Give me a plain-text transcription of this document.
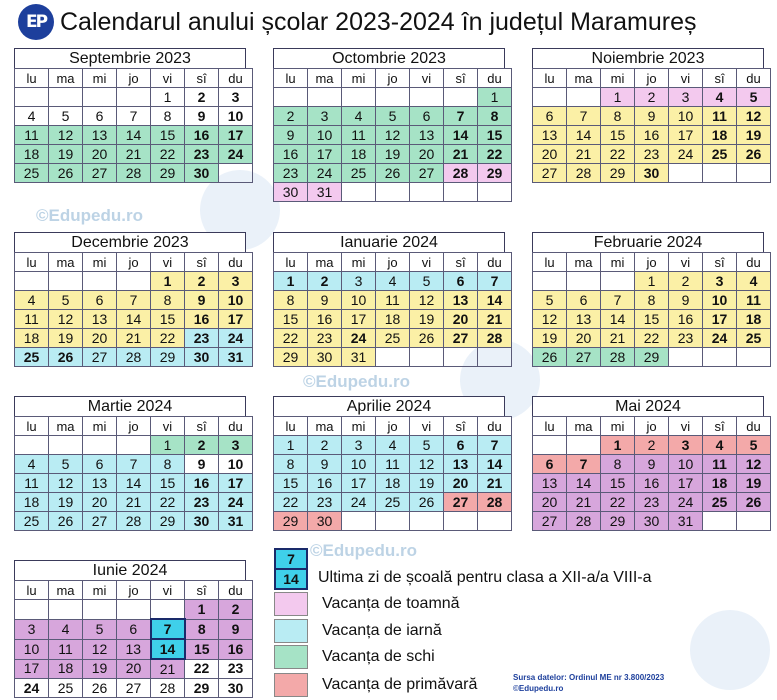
EP Calendarul anului școlar 2023-2024 în județul Maramureș
Septembrie 2023
lu	ma	mi	jo	vi	sî	du
				1	2	3
4	5	6	7	8	9	10
11	12	13	14	15	16	17
18	19	20	21	22	23	24
25	26	27	28	29	30	
Octombrie 2023
lu	ma	mi	jo	vi	sî	du
						1
2	3	4	5	6	7	8
9	10	11	12	13	14	15
16	17	18	19	20	21	22
23	24	25	26	27	28	29
30	31					
Noiembrie 2023
lu	ma	mi	jo	vi	sî	du
		1	2	3	4	5
6	7	8	9	10	11	12
13	14	15	16	17	18	19
20	21	22	23	24	25	26
27	28	29	30			
Decembrie 2023
lu	ma	mi	jo	vi	sî	du
				1	2	3
4	5	6	7	8	9	10
11	12	13	14	15	16	17
18	19	20	21	22	23	24
25	26	27	28	29	30	31
Ianuarie 2024
lu	ma	mi	jo	vi	sî	du
1	2	3	4	5	6	7
8	9	10	11	12	13	14
15	16	17	18	19	20	21
22	23	24	25	26	27	28
29	30	31				
Februarie 2024
lu	ma	mi	jo	vi	sî	du
			1	2	3	4
5	6	7	8	9	10	11
12	13	14	15	16	17	18
19	20	21	22	23	24	25
26	27	28	29			
Martie 2024
lu	ma	mi	jo	vi	sî	du
				1	2	3
4	5	6	7	8	9	10
11	12	13	14	15	16	17
18	19	20	21	22	23	24
25	26	27	28	29	30	31
Aprilie 2024
lu	ma	mi	jo	vi	sî	du
1	2	3	4	5	6	7
8	9	10	11	12	13	14
15	16	17	18	19	20	21
22	23	24	25	26	27	28
29	30					
Mai 2024
lu	ma	mi	jo	vi	sî	du
		1	2	3	4	5
6	7	8	9	10	11	12
13	14	15	16	17	18	19
20	21	22	23	24	25	26
27	28	29	30	31		
Iunie 2024
lu	ma	mi	jo	vi	sî	du
					1	2
3	4	5	6	7	8	9
10	11	12	13	14	15	16
17	18	19	20	21	22	23
24	25	26	27	28	29	30
©Edupedu.ro
©Edupedu.ro
©Edupedu.ro
7
14	Ultima zi de școală pentru clasa a XII-a/a VIII-a
Vacanța de toamnă
Vacanța de iarnă
Vacanța de schi
Vacanța de primăvară	Sursa datelor: Ordinul ME nr 3.800/2023
©Edupedu.ro
